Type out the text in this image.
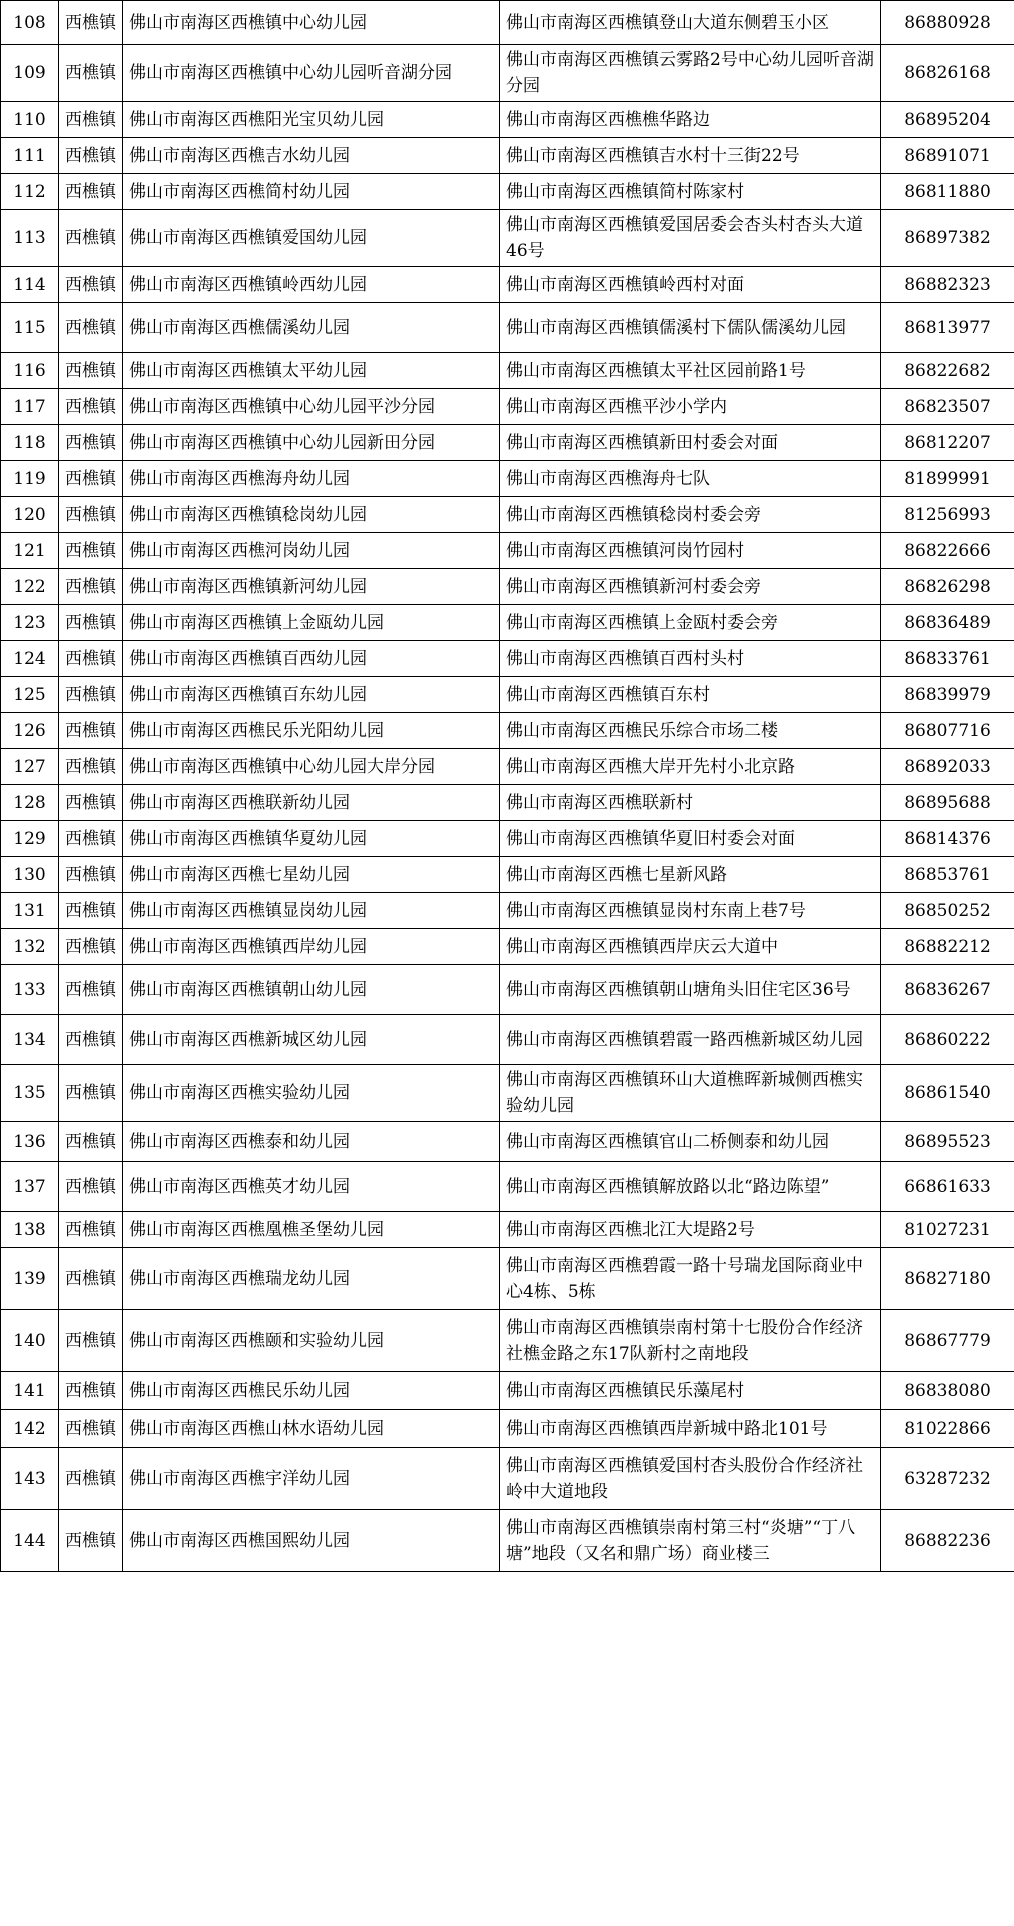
108	西樵镇	佛山市南海区西樵镇中心幼儿园	佛山市南海区西樵镇登山大道东侧碧玉小区	86880928
109	西樵镇	佛山市南海区西樵镇中心幼儿园听音湖分园	佛山市南海区西樵镇云雾路2号中心幼儿园听音湖分园	86826168
110	西樵镇	佛山市南海区西樵阳光宝贝幼儿园	佛山市南海区西樵樵华路边	86895204
111	西樵镇	佛山市南海区西樵吉水幼儿园	佛山市南海区西樵镇吉水村十三街22号	86891071
112	西樵镇	佛山市南海区西樵简村幼儿园	佛山市南海区西樵镇简村陈家村	86811880
113	西樵镇	佛山市南海区西樵镇爱国幼儿园	佛山市南海区西樵镇爱国居委会杏头村杏头大道46号	86897382
114	西樵镇	佛山市南海区西樵镇岭西幼儿园	佛山市南海区西樵镇岭西村对面	86882323
115	西樵镇	佛山市南海区西樵儒溪幼儿园	佛山市南海区西樵镇儒溪村下儒队儒溪幼儿园	86813977
116	西樵镇	佛山市南海区西樵镇太平幼儿园	佛山市南海区西樵镇太平社区园前路1号	86822682
117	西樵镇	佛山市南海区西樵镇中心幼儿园平沙分园	佛山市南海区西樵平沙小学内	86823507
118	西樵镇	佛山市南海区西樵镇中心幼儿园新田分园	佛山市南海区西樵镇新田村委会对面	86812207
119	西樵镇	佛山市南海区西樵海舟幼儿园	佛山市南海区西樵海舟七队	81899991
120	西樵镇	佛山市南海区西樵镇稔岗幼儿园	佛山市南海区西樵镇稔岗村委会旁	81256993
121	西樵镇	佛山市南海区西樵河岗幼儿园	佛山市南海区西樵镇河岗竹园村	86822666
122	西樵镇	佛山市南海区西樵镇新河幼儿园	佛山市南海区西樵镇新河村委会旁	86826298
123	西樵镇	佛山市南海区西樵镇上金瓯幼儿园	佛山市南海区西樵镇上金瓯村委会旁	86836489
124	西樵镇	佛山市南海区西樵镇百西幼儿园	佛山市南海区西樵镇百西村头村	86833761
125	西樵镇	佛山市南海区西樵镇百东幼儿园	佛山市南海区西樵镇百东村	86839979
126	西樵镇	佛山市南海区西樵民乐光阳幼儿园	佛山市南海区西樵民乐综合市场二楼	86807716
127	西樵镇	佛山市南海区西樵镇中心幼儿园大岸分园	佛山市南海区西樵大岸开先村小北京路	86892033
128	西樵镇	佛山市南海区西樵联新幼儿园	佛山市南海区西樵联新村	86895688
129	西樵镇	佛山市南海区西樵镇华夏幼儿园	佛山市南海区西樵镇华夏旧村委会对面	86814376
130	西樵镇	佛山市南海区西樵七星幼儿园	佛山市南海区西樵七星新风路	86853761
131	西樵镇	佛山市南海区西樵镇显岗幼儿园	佛山市南海区西樵镇显岗村东南上巷7号	86850252
132	西樵镇	佛山市南海区西樵镇西岸幼儿园	佛山市南海区西樵镇西岸庆云大道中	86882212
133	西樵镇	佛山市南海区西樵镇朝山幼儿园	佛山市南海区西樵镇朝山塘角头旧住宅区36号	86836267
134	西樵镇	佛山市南海区西樵新城区幼儿园	佛山市南海区西樵镇碧霞一路西樵新城区幼儿园	86860222
135	西樵镇	佛山市南海区西樵实验幼儿园	佛山市南海区西樵镇环山大道樵晖新城侧西樵实验幼儿园	86861540
136	西樵镇	佛山市南海区西樵泰和幼儿园	佛山市南海区西樵镇官山二桥侧泰和幼儿园	86895523
137	西樵镇	佛山市南海区西樵英才幼儿园	佛山市南海区西樵镇解放路以北“路边陈望”	66861633
138	西樵镇	佛山市南海区西樵凰樵圣堡幼儿园	佛山市南海区西樵北江大堤路2号	81027231
139	西樵镇	佛山市南海区西樵瑞龙幼儿园	佛山市南海区西樵碧霞一路十号瑞龙国际商业中心4栋、5栋	86827180
140	西樵镇	佛山市南海区西樵颐和实验幼儿园	佛山市南海区西樵镇崇南村第十七股份合作经济社樵金路之东17队新村之南地段	86867779
141	西樵镇	佛山市南海区西樵民乐幼儿园	佛山市南海区西樵镇民乐藻尾村	86838080
142	西樵镇	佛山市南海区西樵山林水语幼儿园	佛山市南海区西樵镇西岸新城中路北101号	81022866
143	西樵镇	佛山市南海区西樵宇洋幼儿园	佛山市南海区西樵镇爱国村杏头股份合作经济社岭中大道地段	63287232
144	西樵镇	佛山市南海区西樵国熙幼儿园	佛山市南海区西樵镇崇南村第三村“炎塘”“丁八塘”地段（又名和鼎广场）商业楼三	86882236
